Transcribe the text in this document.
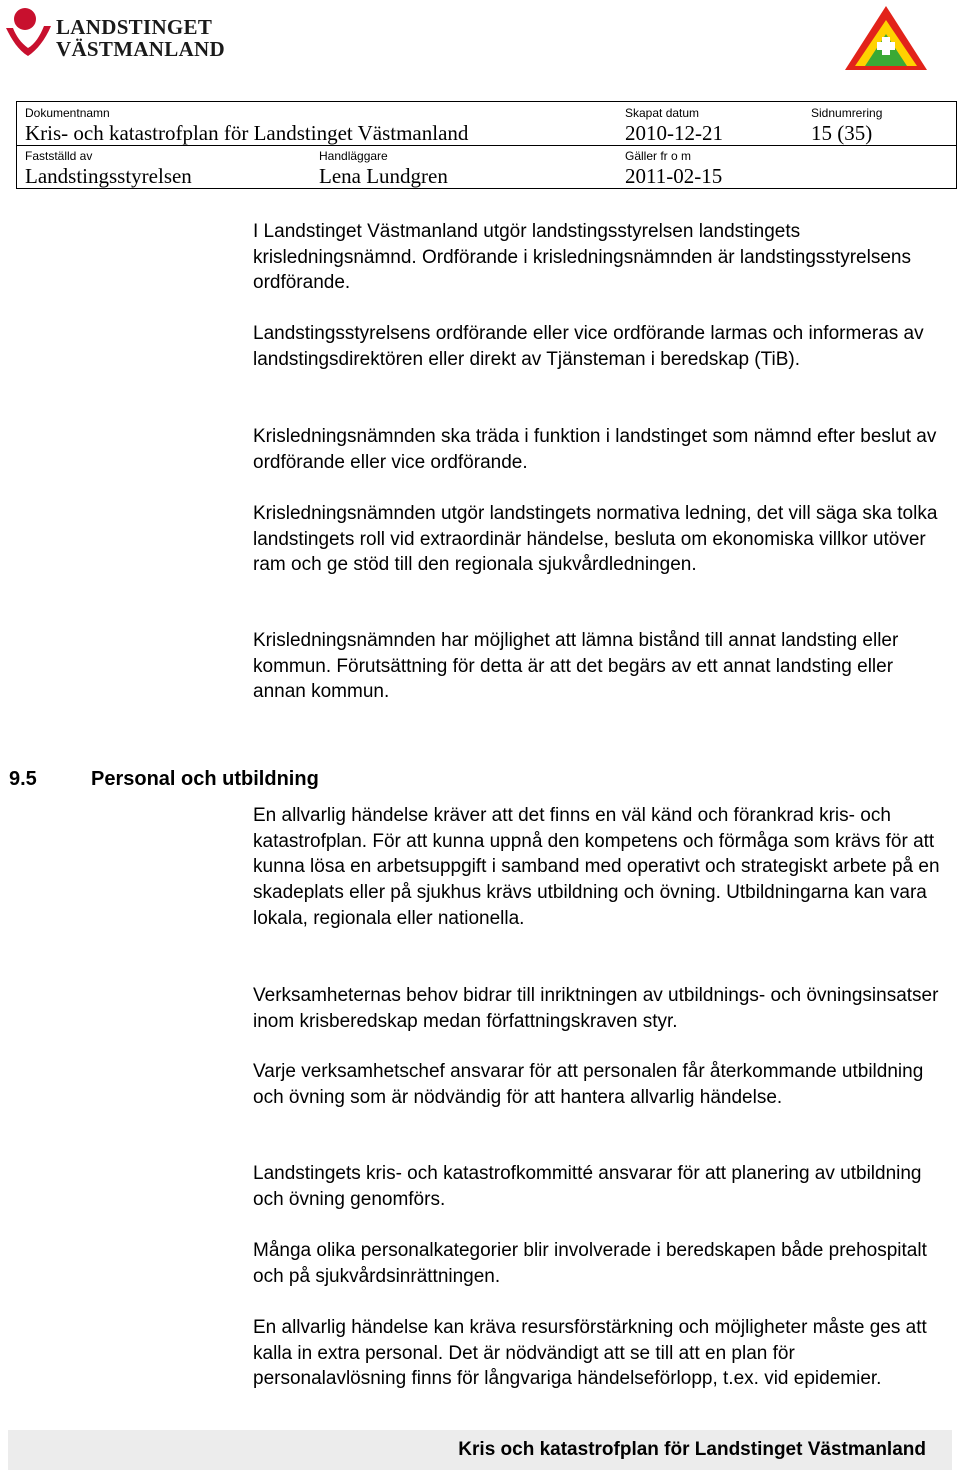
LANDSTINGET
VÄSTMANLAND
Dokumentnamn
Kris- och katastrofplan för Landstinget Västmanland
Skapat datum
2010-12-21
Sidnumrering
15 (35)
Fastställd av
Landstingsstyrelsen
Handläggare
Lena Lundgren
Gäller fr o m
2011-02-15

I Landstinget Västmanland utgör landstingsstyrelsen landstingets krisledningsnämnd. Ordförande i krisledningsnämnden är landstingsstyrelsens ordförande.

Landstingsstyrelsens ordförande eller vice ordförande larmas och informeras av landstingsdirektören eller direkt av Tjänsteman i beredskap (TiB).

Krisledningsnämnden ska träda i funktion i landstinget som nämnd efter beslut av ordförande eller vice ordförande.

Krisledningsnämnden utgör landstingets normativa ledning, det vill säga ska tolka landstingets roll vid extraordinär händelse, besluta om ekonomiska villkor utöver ram och ge stöd till den regionala sjukvårdledningen.

Krisledningsnämnden har möjlighet att lämna bistånd till annat landsting eller kommun. Förutsättning för detta är att det begärs av ett annat landsting eller annan kommun.

9.5	Personal och utbildning

En allvarlig händelse kräver att det finns en väl känd och förankrad kris- och katastrofplan. För att kunna uppnå den kompetens och förmåga som krävs för att kunna lösa en arbetsuppgift i samband med operativt och strategiskt arbete på en skadeplats eller på sjukhus krävs utbildning och övning. Utbildningarna kan vara lokala, regionala eller nationella.

Verksamheternas behov bidrar till inriktningen av utbildnings- och övningsinsatser inom krisberedskap medan författningskraven styr.

Varje verksamhetschef ansvarar för att personalen får återkommande utbildning och övning som är nödvändig för att hantera allvarlig händelse.

Landstingets kris- och katastrofkommitté ansvarar för att planering av utbildning och övning genomförs.

Många olika personalkategorier blir involverade i beredskapen både prehospitalt och på sjukvårdsinrättningen.

En allvarlig händelse kan kräva resursförstärkning och möjligheter måste ges att kalla in extra personal. Det är nödvändigt att se till att en plan för personalavlösning finns för långvariga händelseförlopp, t.ex. vid epidemier.

Kris och katastrofplan för Landstinget Västmanland
